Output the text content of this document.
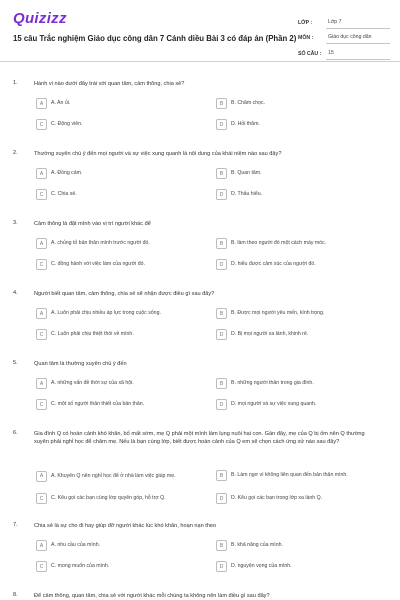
Quizizz
15 câu Trắc nghiệm Giáo dục công dân 7 Cánh diều Bài 3 có đáp án (Phần 2)
LỚP :	Lớp 7
MÔN :	Giáo dục công dân
SỐ CÂU :	15
1.	Hành vi nào dưới đây trái với quan tâm, cảm thông, chia sẻ?
A	A. An ủi.	B	B. Chăm chọc.
C	C. Động viên.	D	D. Hỏi thăm.
2.	Thường xuyên chú ý đến mọi người và sự việc xung quanh là nội dung của khái niệm nào sau đây?
A	A. Đồng cảm.	B	B. Quan tâm.
C	C. Chia sẻ.	D	D. Thấu hiểu.
3.	Cảm thông là đặt mình vào vị trí người khác để
A	A. chủng tỏ bản thân mình trước người đó.	B	B. làm theo người đó một cách máy móc.
C	C. đồng hành với việc làm của người đó.	D	D. hiểu được cảm xúc của người đó.
4.	Người biết quan tâm, cảm thông, chia sẻ sẽ nhận được điều gì sau đây?
A	A. Luôn phải chịu nhiều áp lực trong cuộc sống.	B	B. Được mọi người yêu mến, kính trọng.
C	C. Luôn phải chịu thiệt thòi về mình.	D	D. Bị mọi người xa lánh, khinh rẻ.
5.	Quan tâm là thường xuyên chú ý đến
A	A. những vấn đề thời sự của xã hội.	B	B. những người thân trong gia đình.
C	C. một số người thân thiết của bản thân.	D	D. mọi người và sự việc xung quanh.
6.	Gia đình Q có hoàn cảnh khó khăn, bố mất sớm, mẹ Q phải một mình làm lụng nuôi hai con. Gần đây, mẹ của Q bị ốm nên Q thường xuyên phải nghỉ học để chăm mẹ. Nếu là bạn cùng lớp, biết được hoàn cảnh của Q em sẽ chọn cách ứng xử nào sau đây?
A	A. Khuyên Q nên nghỉ học để ở nhà làm việc giúp mẹ.	B	B. Làm ngơ vì không liên quan đến bản thân mình.
C	C. Kêu gọi các bạn cùng lớp quyên góp, hỗ trợ Q.	D	D. Kêu gọi các bạn trong lớp xa lánh Q.
7.	Chia sẻ là sự cho đi hay giúp đỡ người khác lúc khó khăn, hoạn nạn theo
A	A. nhu cầu của mình.	B	B. khả năng của mình.
C	C. mong muốn của mình.	D	D. nguyện vọng của mình.
8.	Để cảm thông, quan tâm, chia sẻ với người khác mỗi chúng ta không nên làm điều gì sau đây?
